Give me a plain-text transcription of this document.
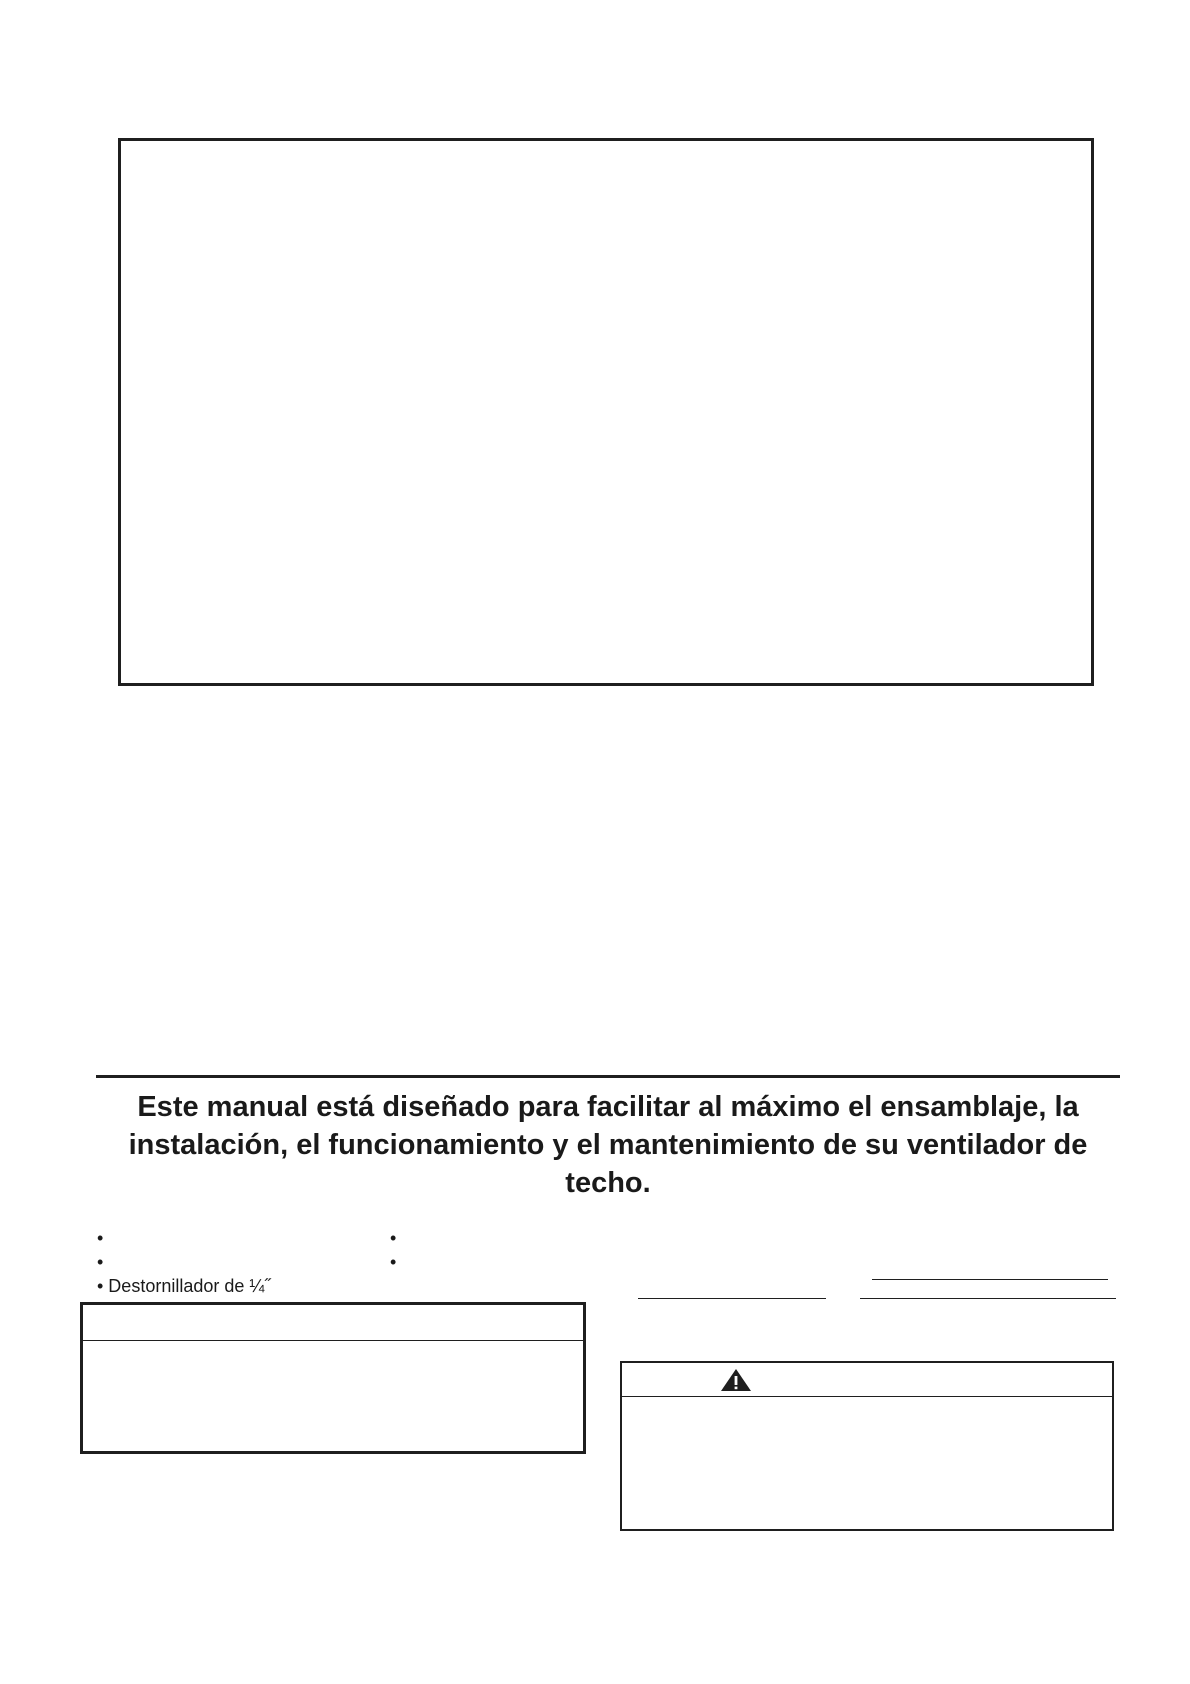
Este manual está diseñado para facilitar al máximo el ensamblaje, la
instalación, el funcionamiento y el mantenimiento de su ventilador de techo.
•
•
•
•
• Destornillador de ¼˝
